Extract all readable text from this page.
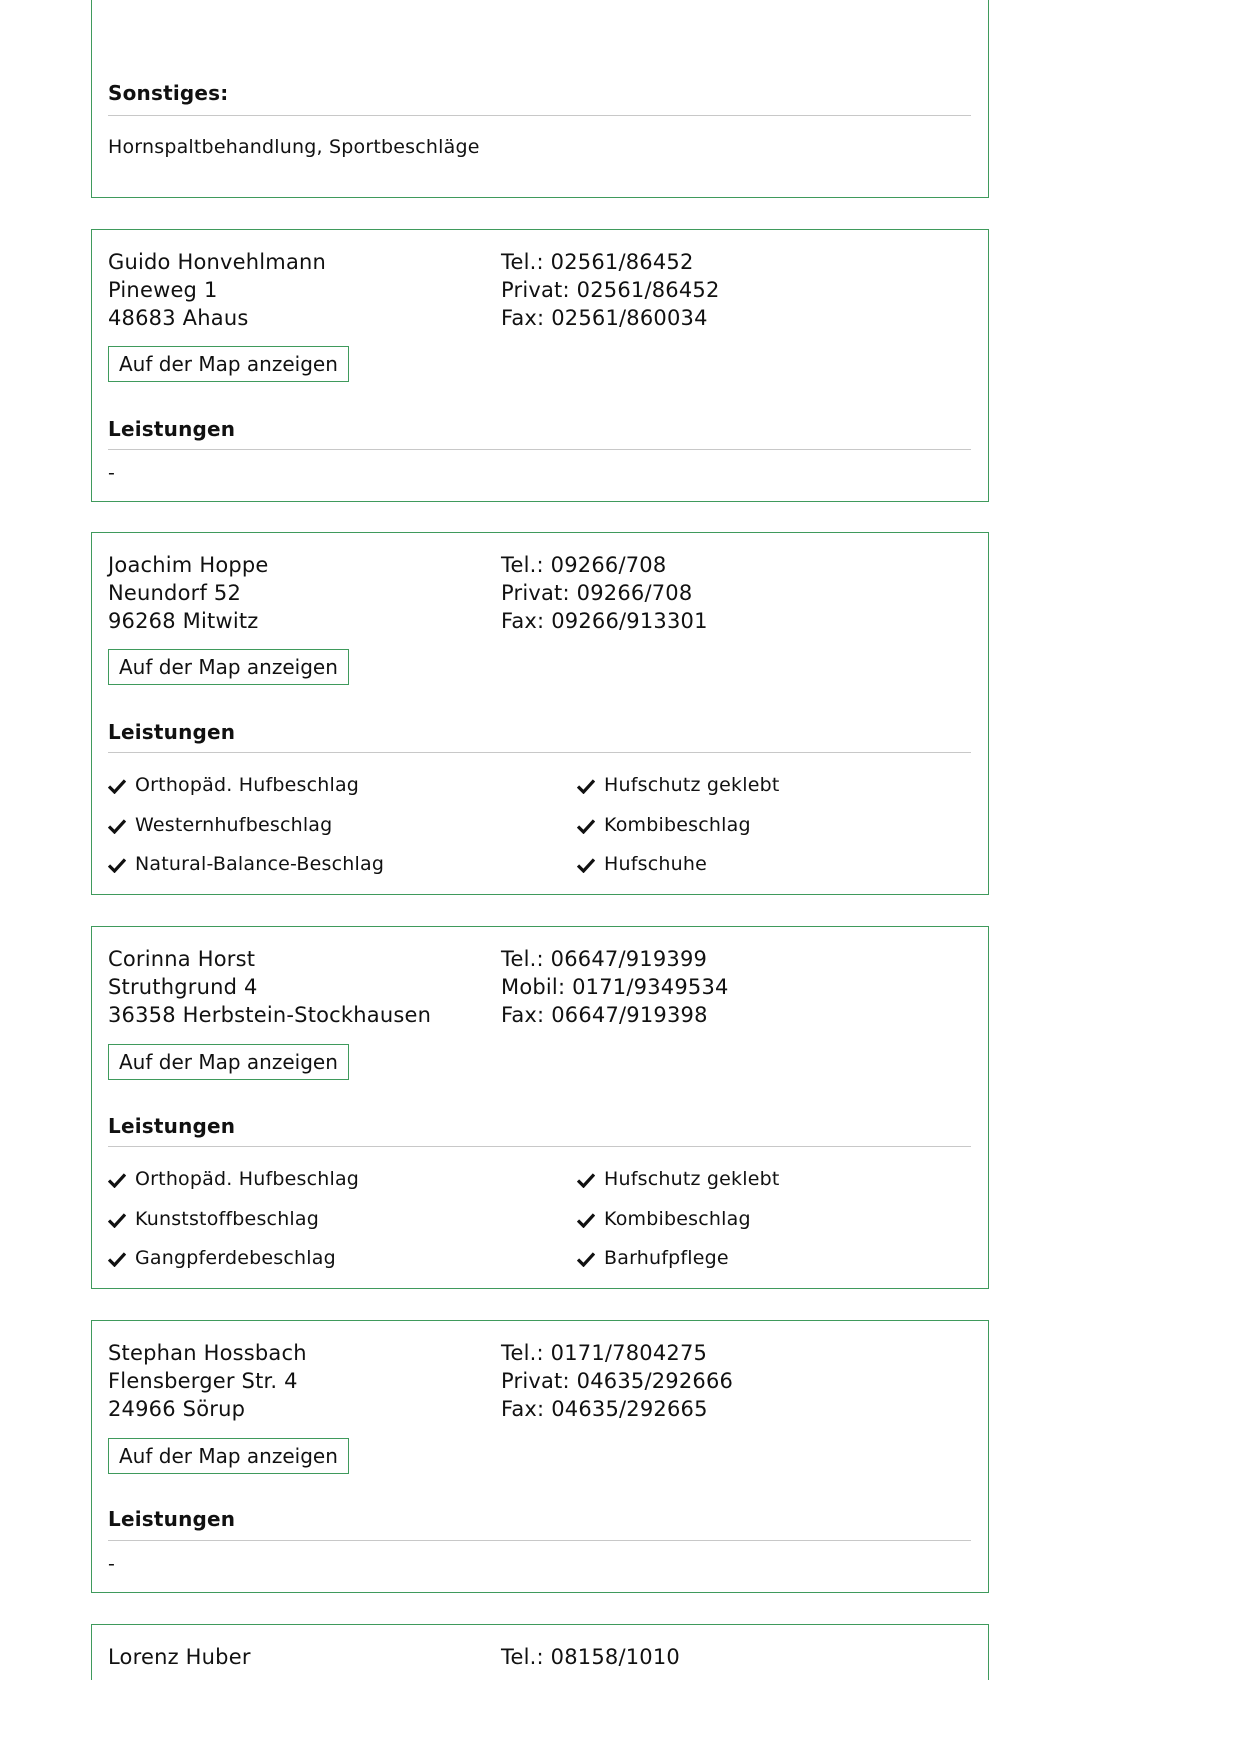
Sonstiges:
Hornspaltbehandlung, Sportbeschläge
Guido Honvehlmann
Pineweg 1
48683 Ahaus
Tel.: 02561/86452
Privat: 02561/86452
Fax: 02561/860034
Auf der Map anzeigen
Leistungen
-
Joachim Hoppe
Neundorf 52
96268 Mitwitz
Tel.: 09266/708
Privat: 09266/708
Fax: 09266/913301
Auf der Map anzeigen
Leistungen
Orthopäd. Hufbeschlag	Hufschutz geklebt
Westernhufbeschlag	Kombibeschlag
Natural-Balance-Beschlag	Hufschuhe
Corinna Horst
Struthgrund 4
36358 Herbstein-Stockhausen
Tel.: 06647/919399
Mobil: 0171/9349534
Fax: 06647/919398
Auf der Map anzeigen
Leistungen
Orthopäd. Hufbeschlag	Hufschutz geklebt
Kunststoffbeschlag	Kombibeschlag
Gangpferdebeschlag	Barhufpflege
Stephan Hossbach
Flensberger Str. 4
24966 Sörup
Tel.: 0171/7804275
Privat: 04635/292666
Fax: 04635/292665
Auf der Map anzeigen
Leistungen
-
Lorenz Huber	Tel.: 08158/1010
